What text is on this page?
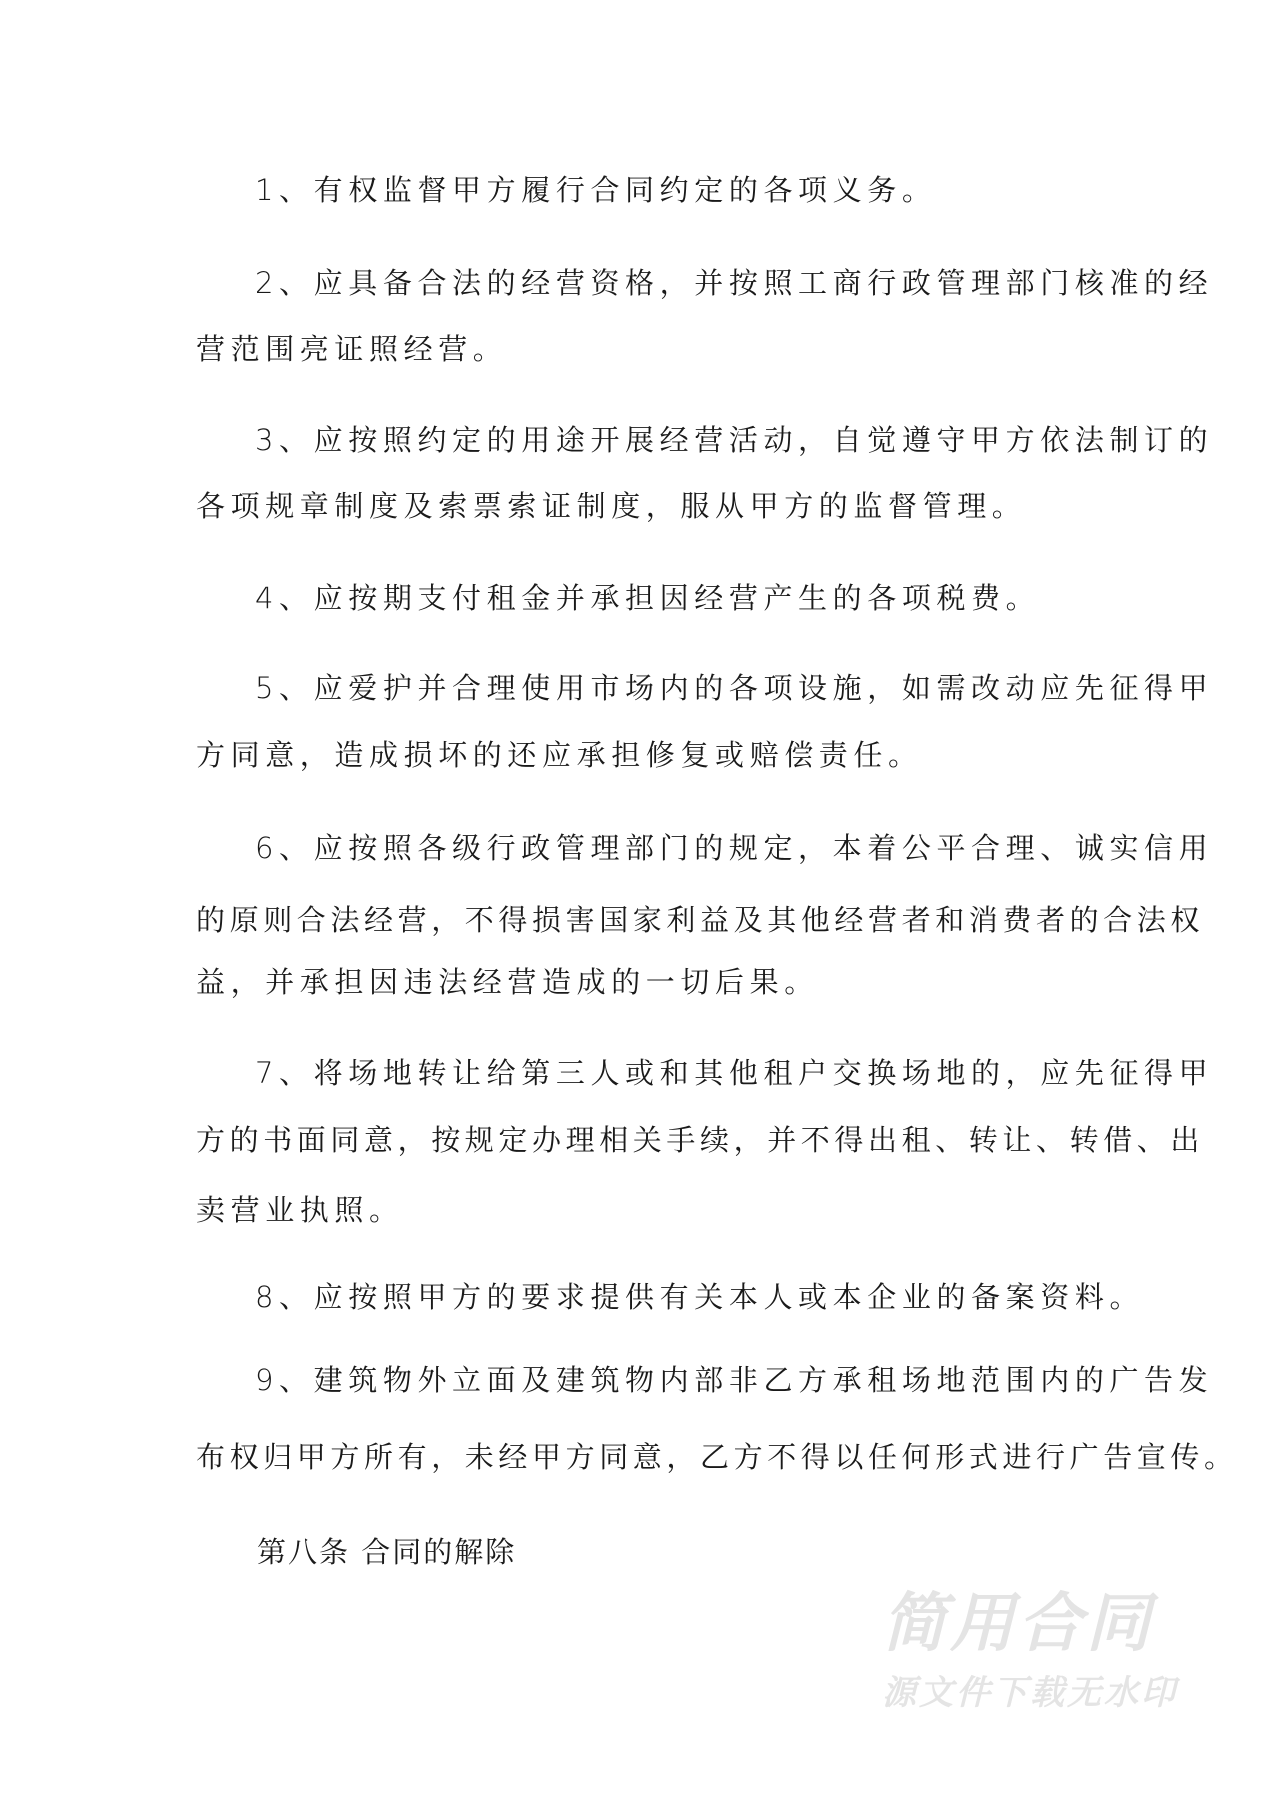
1、有权监督甲方履行合同约定的各项义务。
2、应具备合法的经营资格，并按照工商行政管理部门核准的经
营范围亮证照经营。
3、应按照约定的用途开展经营活动，自觉遵守甲方依法制订的
各项规章制度及索票索证制度，服从甲方的监督管理。
4、应按期支付租金并承担因经营产生的各项税费。
5、应爱护并合理使用市场内的各项设施，如需改动应先征得甲
方同意，造成损坏的还应承担修复或赔偿责任。
6、应按照各级行政管理部门的规定，本着公平合理、诚实信用
的原则合法经营，不得损害国家利益及其他经营者和消费者的合法权
益，并承担因违法经营造成的一切后果。
7、将场地转让给第三人或和其他租户交换场地的，应先征得甲
方的书面同意，按规定办理相关手续，并不得出租、转让、转借、出
卖营业执照。
8、应按照甲方的要求提供有关本人或本企业的备案资料。
9、建筑物外立面及建筑物内部非乙方承租场地范围内的广告发
布权归甲方所有，未经甲方同意，乙方不得以任何形式进行广告宣传。
第八条 合同的解除
简用合同
源文件下载无水印
